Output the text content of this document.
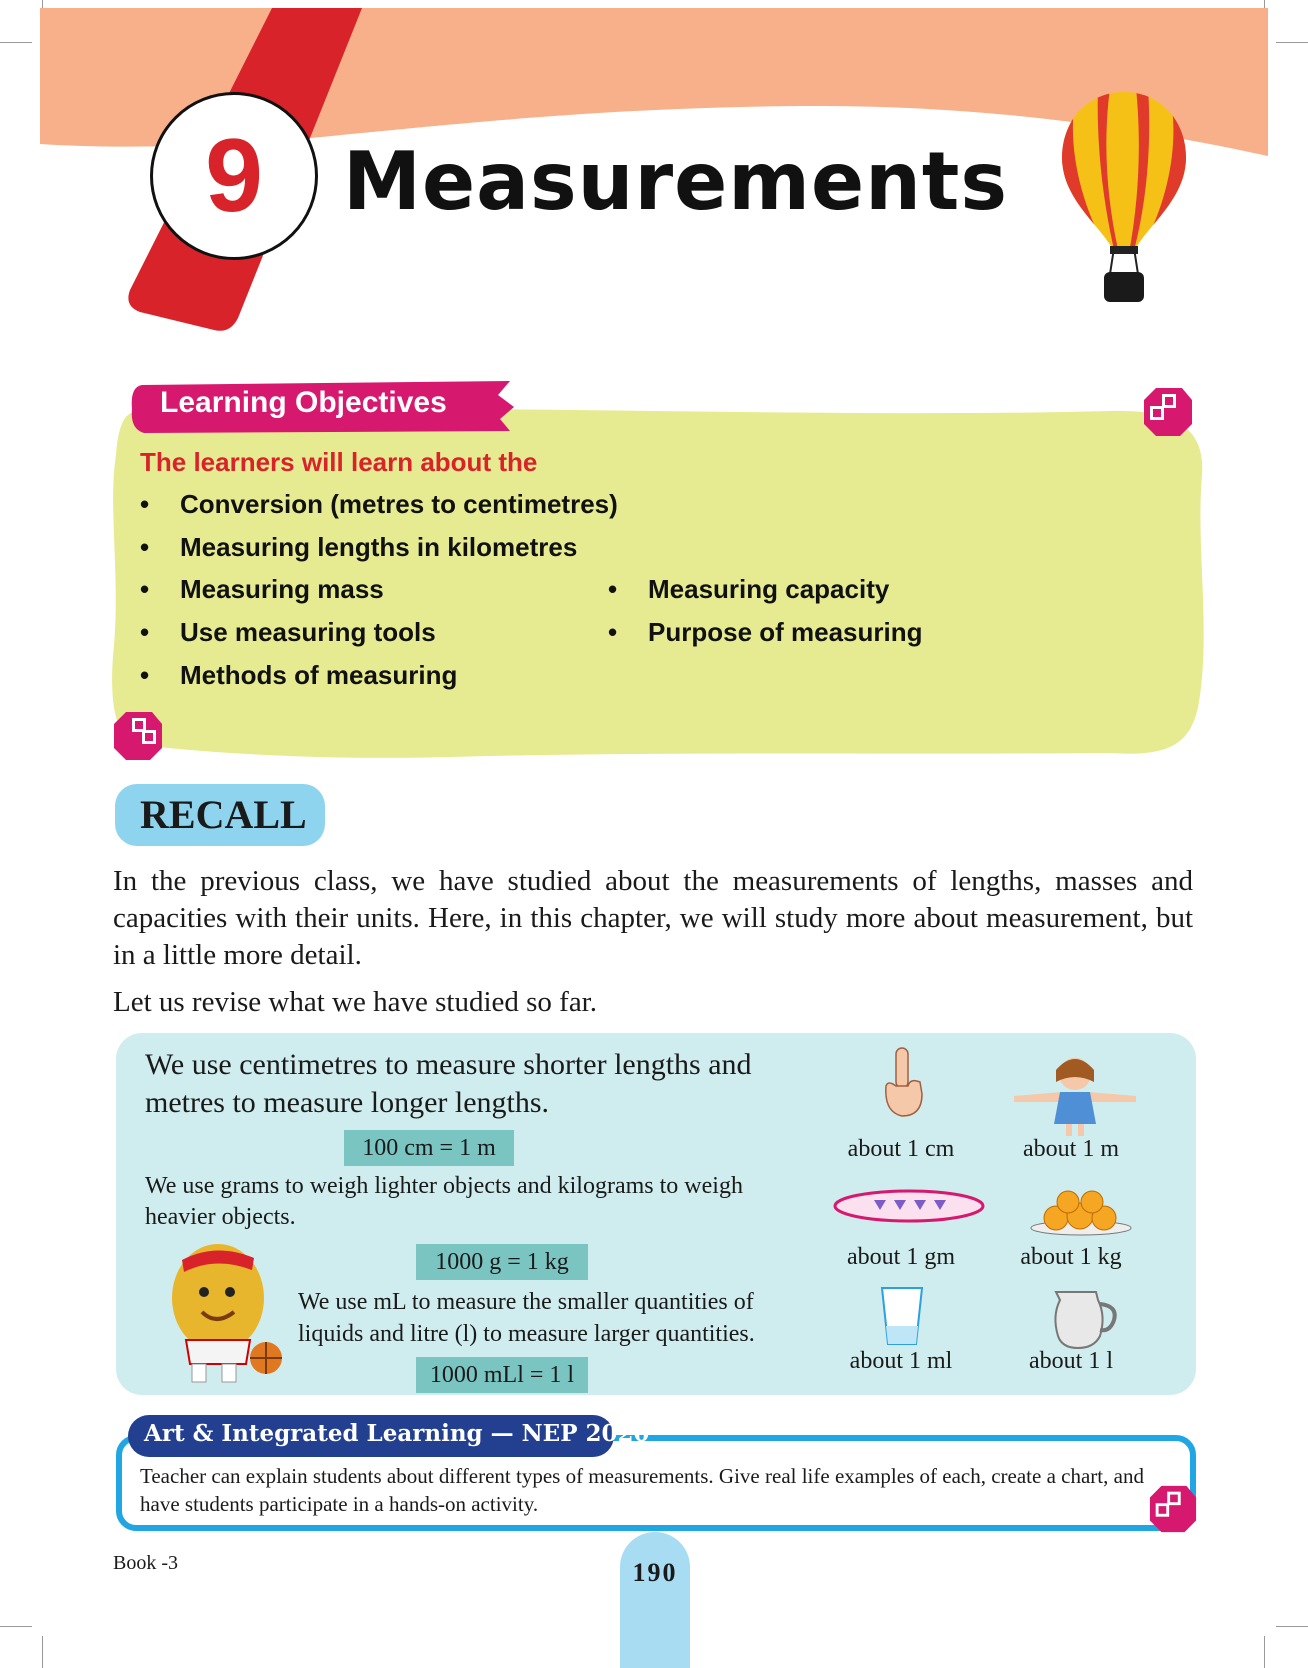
9	Measurements
Learning Objectives
The learners will learn about the
• Conversion (metres to centimetres)
• Measuring lengths in kilometres
• Measuring mass
• Use measuring tools
• Methods of measuring
• Measuring capacity
• Purpose of measuring
RECALL
In the previous class, we have studied about the measurements of lengths, masses and capacities with their units. Here, in this chapter, we will study more about measurement, but in a little more detail.
Let us revise what we have studied so far.
We use centimetres to measure shorter lengths and metres to measure longer lengths.
100 cm = 1 m
We use grams to weigh lighter objects and kilograms to weigh heavier objects.
1000 g = 1 kg
We use mL to measure the smaller quantities of liquids and litre (l) to measure larger quantities.
1000 mLl = 1 l
about 1 cm	about 1 m
about 1 gm	about 1 kg
about 1 ml	about 1 l
Art & Integrated Learning — NEP 2020
Teacher can explain students about different types of measurements. Give real life examples of each, create a chart, and have students participate in a hands-on activity.
Book -3	190
